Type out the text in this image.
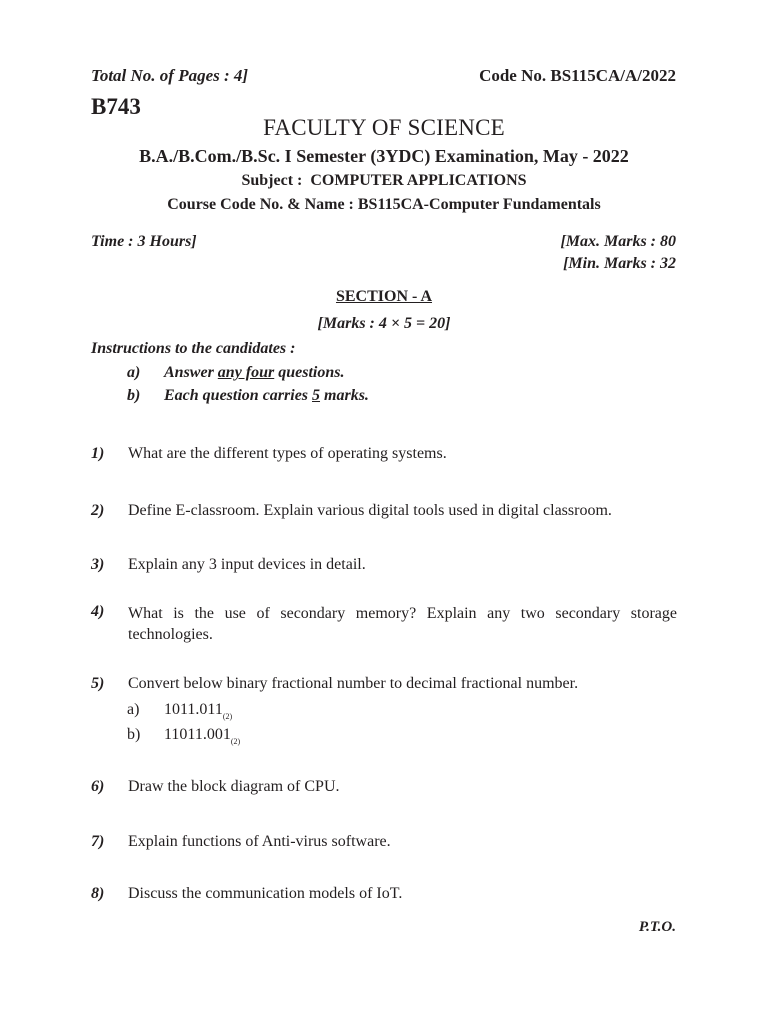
Total No. of Pages : 4]	Code No. BS115CA/A/2022
B743
FACULTY OF SCIENCE
B.A./B.Com./B.Sc. I Semester (3YDC) Examination, May - 2022
Subject : COMPUTER APPLICATIONS
Course Code No. & Name : BS115CA-Computer Fundamentals
Time : 3 Hours]	[Max. Marks : 80
[Min. Marks : 32
SECTION - A
[Marks : 4 × 5 = 20]
Instructions to the candidates :
a) Answer any four questions.
b) Each question carries 5 marks.
1) What are the different types of operating systems.
2) Define E-classroom. Explain various digital tools used in digital classroom.
3) Explain any 3 input devices in detail.
4) What is the use of secondary memory? Explain any two secondary storage technologies.
5) Convert below binary fractional number to decimal fractional number.
a) $1011.011_{(2)}$
b) $11011.001_{(2)}$
6) Draw the block diagram of CPU.
7) Explain functions of Anti-virus software.
8) Discuss the communication models of IoT.
P.T.O.
